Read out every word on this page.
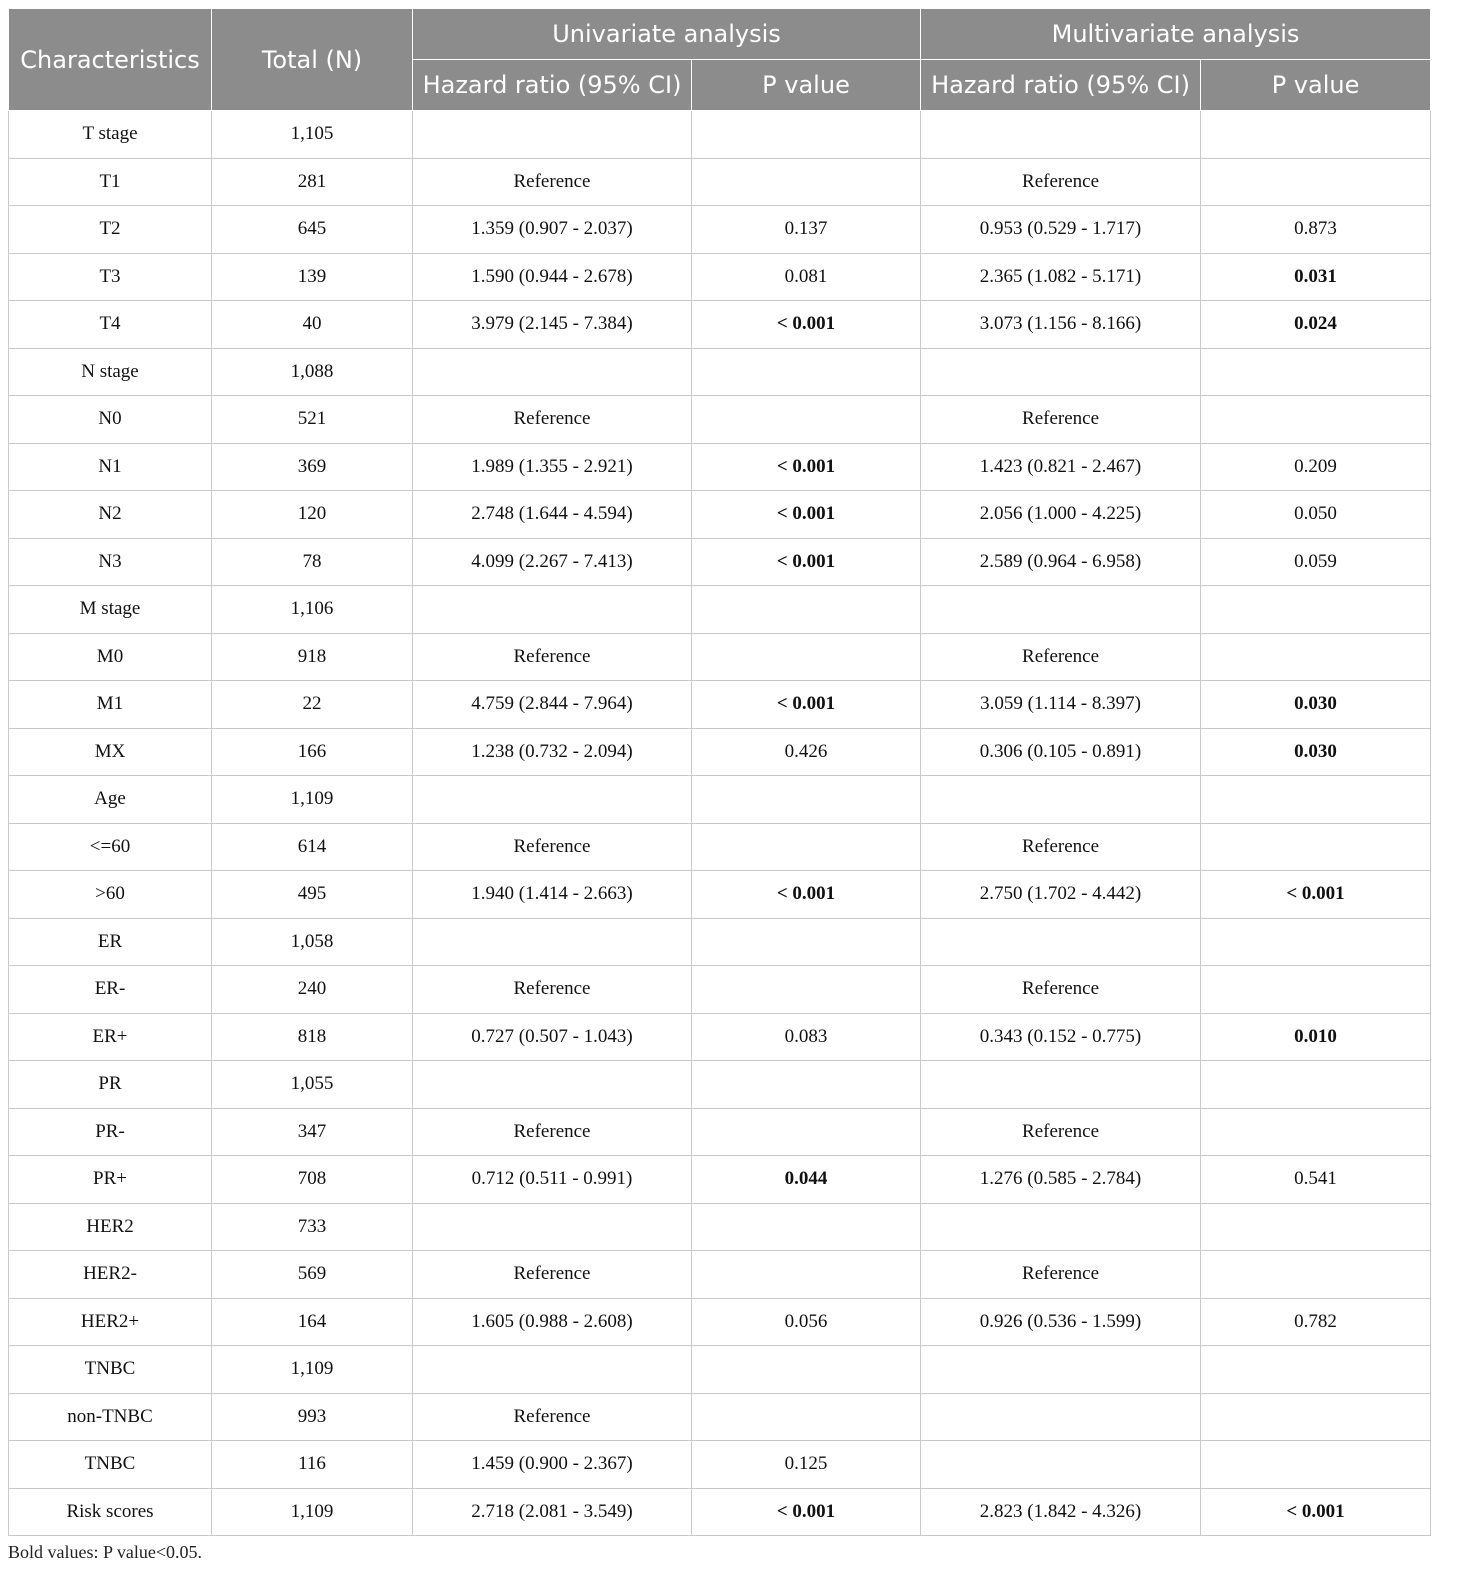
Characteristics	Total (N)	Univariate analysis		Multivariate analysis	
		Hazard ratio (95% CI)	P value	Hazard ratio (95% CI)	P value
T stage	1,105				
T1	281	Reference		Reference	
T2	645	1.359 (0.907 - 2.037)	0.137	0.953 (0.529 - 1.717)	0.873
T3	139	1.590 (0.944 - 2.678)	0.081	2.365 (1.082 - 5.171)	0.031
T4	40	3.979 (2.145 - 7.384)	< 0.001	3.073 (1.156 - 8.166)	0.024
N stage	1,088				
N0	521	Reference		Reference	
N1	369	1.989 (1.355 - 2.921)	< 0.001	1.423 (0.821 - 2.467)	0.209
N2	120	2.748 (1.644 - 4.594)	< 0.001	2.056 (1.000 - 4.225)	0.050
N3	78	4.099 (2.267 - 7.413)	< 0.001	2.589 (0.964 - 6.958)	0.059
M stage	1,106				
M0	918	Reference		Reference	
M1	22	4.759 (2.844 - 7.964)	< 0.001	3.059 (1.114 - 8.397)	0.030
MX	166	1.238 (0.732 - 2.094)	0.426	0.306 (0.105 - 0.891)	0.030
Age	1,109				
<=60	614	Reference		Reference	
>60	495	1.940 (1.414 - 2.663)	< 0.001	2.750 (1.702 - 4.442)	< 0.001
ER	1,058				
ER-	240	Reference		Reference	
ER+	818	0.727 (0.507 - 1.043)	0.083	0.343 (0.152 - 0.775)	0.010
PR	1,055				
PR-	347	Reference		Reference	
PR+	708	0.712 (0.511 - 0.991)	0.044	1.276 (0.585 - 2.784)	0.541
HER2	733				
HER2-	569	Reference		Reference	
HER2+	164	1.605 (0.988 - 2.608)	0.056	0.926 (0.536 - 1.599)	0.782
TNBC	1,109				
non-TNBC	993	Reference			
TNBC	116	1.459 (0.900 - 2.367)	0.125		
Risk scores	1,109	2.718 (2.081 - 3.549)	< 0.001	2.823 (1.842 - 4.326)	< 0.001
Bold values: P value<0.05.
